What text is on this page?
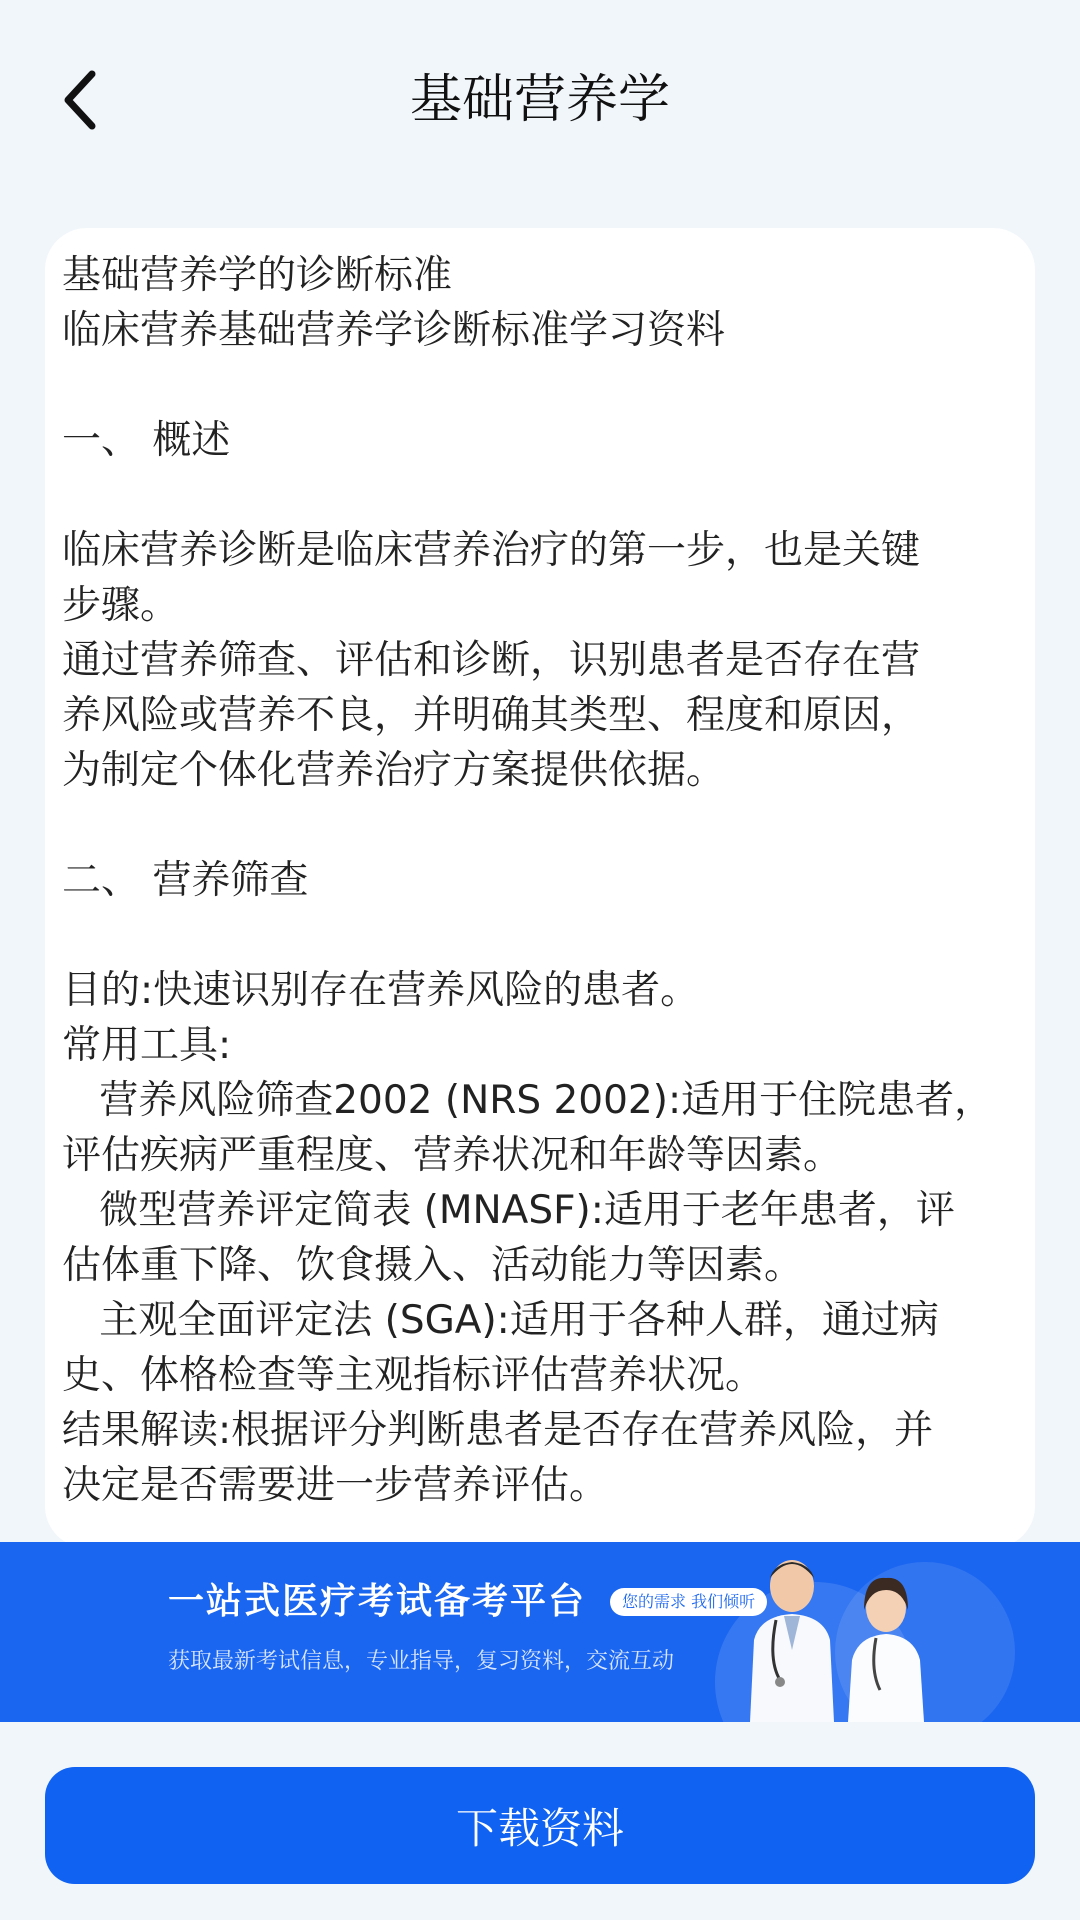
基础营养学
基础营养学的诊断标准
临床营养基础营养学诊断标准学习资料
一、 概述
临床营养诊断是临床营养治疗的第一步，也是关键
步骤。
通过营养筛查、评估和诊断，识别患者是否存在营
养风险或营养不良，并明确其类型、程度和原因，
为制定个体化营养治疗方案提供依据。
二、 营养筛查
目的:快速识别存在营养风险的患者。
常用工具:
营养风险筛查2002 (NRS 2002):适用于住院患者，
评估疾病严重程度、营养状况和年龄等因素。
微型营养评定简表 (MNASF):适用于老年患者，评
估体重下降、饮食摄入、活动能力等因素。
主观全面评定法 (SGA):适用于各种人群，通过病
史、体格检查等主观指标评估营养状况。
结果解读:根据评分判断患者是否存在营养风险，并
决定是否需要进一步营养评估。
一站式医疗考试备考平台	您的需求 我们倾听
获取最新考试信息，专业指导，复习资料，交流互动
下载资料
